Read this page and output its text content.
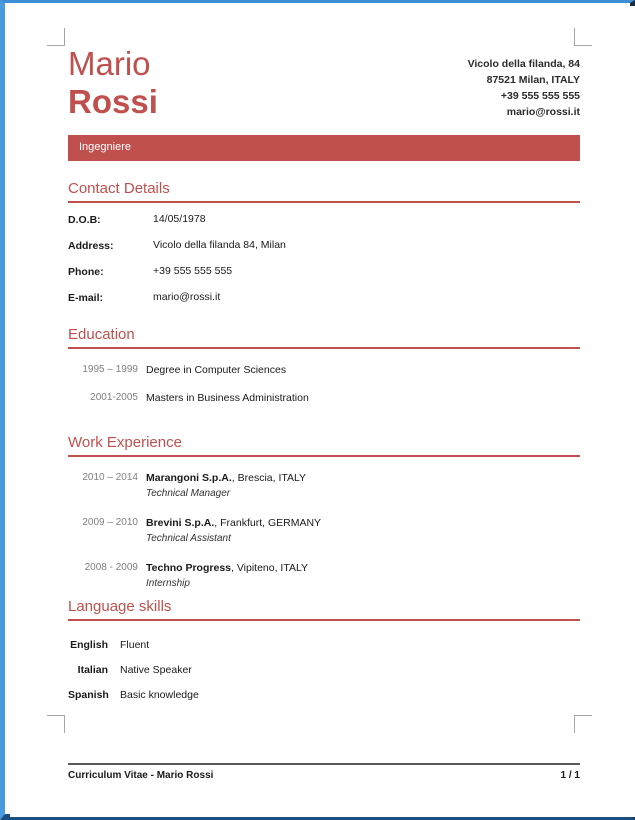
Mario
Rossi
Vicolo della filanda, 84
87521 Milan, ITALY
+39 555 555 555
mario@rossi.it
Ingegniere
Contact Details
D.O.B:	14/05/1978
Address:	Vicolo della filanda 84, Milan
Phone:	+39 555 555 555
E-mail:	mario@rossi.it
Education
1995 – 1999 Degree in Computer Sciences
2001-2005 Masters in Business Administration
Work Experience
2010 – 2014 Marangoni S.p.A., Brescia, ITALY
Technical Manager
2009 – 2010 Brevini S.p.A., Frankfurt, GERMANY
Technical Assistant
2008 - 2009 Techno Progress, Vipiteno, ITALY
Internship
Language skills
English	Fluent
Italian	Native Speaker
Spanish	Basic knowledge
Curriculum Vitae - Mario Rossi	1 / 1
